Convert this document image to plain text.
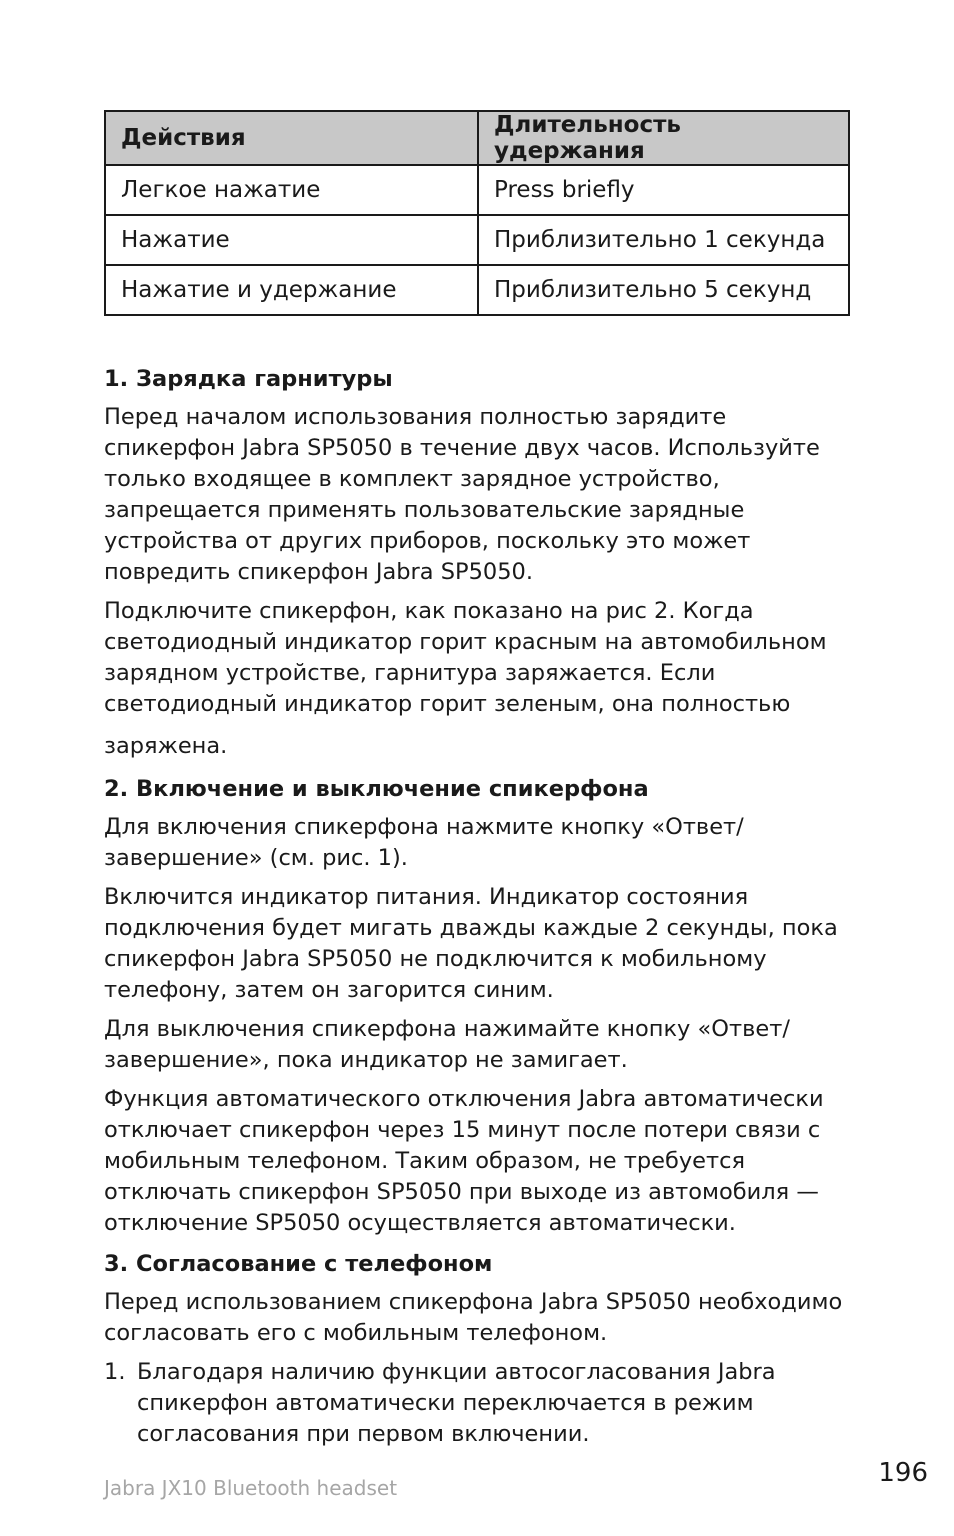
Действия	Длительность удержания
Легкое нажатие	Press briefly
Нажатие	Приблизительно 1 секунда
Нажатие и удержание	Приблизительно 5 секунд
1. Зарядка гарнитуры

Перед началом использования полностью зарядите спикерфон Jabra SP5050 в течение двух часов. Используйте только входящее в комплект зарядное устройство, запрещается применять пользовательские зарядные устройства от других приборов, поскольку это может повредить спикерфон Jabra SP5050.

Подключите спикерфон, как показано на рис 2. Когда светодиодный индикатор горит красным на автомобильном зарядном устройстве, гарнитура заряжается. Если светодиодный индикатор горит зеленым, она полностью

заряжена.

2. Включение и выключение спикерфона

Для включения спикерфона нажмите кнопку «Ответ/ завершение» (см. рис. 1).

Включится индикатор питания. Индикатор состояния подключения будет мигать дважды каждые 2 секунды, пока спикерфон Jabra SP5050 не подключится к мобильному телефону, затем он загорится синим.

Для выключения спикерфона нажимайте кнопку «Ответ/ завершение», пока индикатор не замигает.

Функция автоматического отключения Jabra автоматически отключает спикерфон через 15 минут после потери связи с мобильным телефоном. Таким образом, не требуется отключать спикерфон SP5050 при выходе из автомобиля — отключение SP5050 осуществляется автоматически.

3. Согласование с телефоном

Перед использованием спикерфона Jabra SP5050 необходимо согласовать его с мобильным телефоном.

1. Благодаря наличию функции автосогласования Jabra спикерфон автоматически переключается в режим согласования при первом включении.
Jabra JX10 Bluetooth headset	196
